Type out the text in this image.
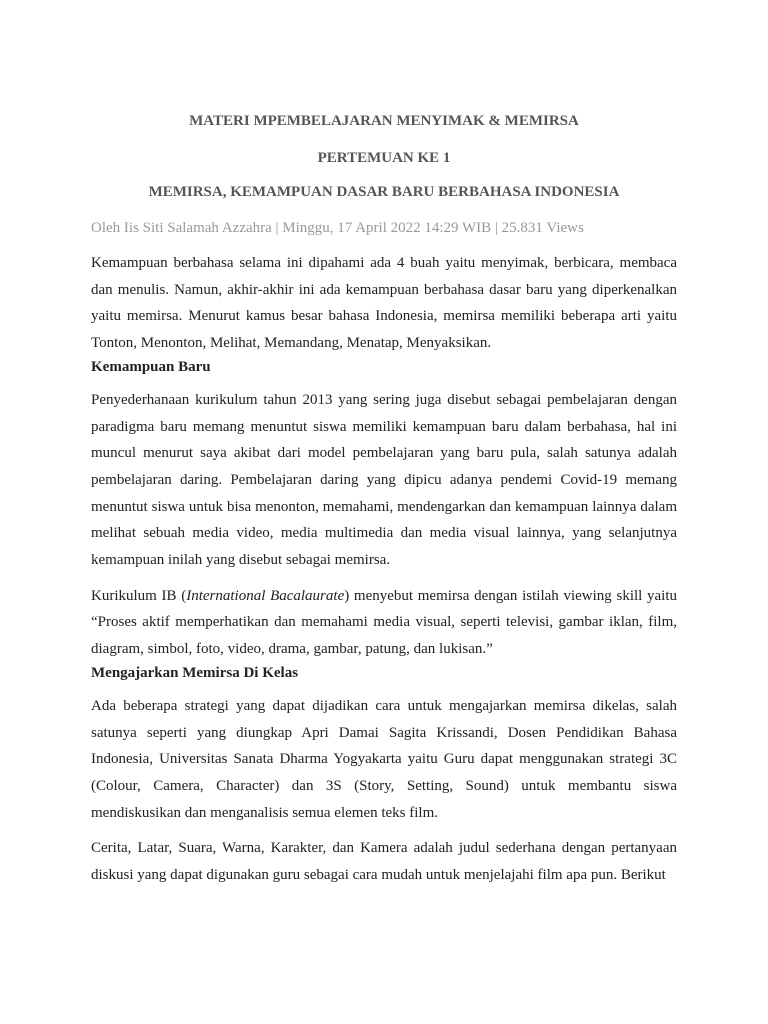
MATERI MPEMBELAJARAN MENYIMAK & MEMIRSA
PERTEMUAN KE 1
MEMIRSA, KEMAMPUAN DASAR BARU BERBAHASA INDONESIA
Oleh Iis Siti Salamah Azzahra | Minggu, 17 April 2022 14:29 WIB | 25.831 Views

Kemampuan berbahasa selama ini dipahami ada 4 buah yaitu menyimak, berbicara, membaca dan menulis. Namun, akhir-akhir ini ada kemampuan berbahasa dasar baru yang diperkenalkan yaitu memirsa. Menurut kamus besar bahasa Indonesia, memirsa memiliki beberapa arti yaitu Tonton, Menonton, Melihat, Memandang, Menatap, Menyaksikan.

Kemampuan Baru

Penyederhanaan kurikulum tahun 2013 yang sering juga disebut sebagai pembelajaran dengan paradigma baru memang menuntut siswa memiliki kemampuan baru dalam berbahasa, hal ini muncul menurut saya akibat dari model pembelajaran yang baru pula, salah satunya adalah pembelajaran daring. Pembelajaran daring yang dipicu adanya pendemi Covid-19 memang menuntut siswa untuk bisa menonton, memahami, mendengarkan dan kemampuan lainnya dalam melihat sebuah media video, media multimedia dan media visual lainnya, yang selanjutnya kemampuan inilah yang disebut sebagai memirsa.

Kurikulum IB (International Bacalaurate) menyebut memirsa dengan istilah viewing skill yaitu “Proses aktif memperhatikan dan memahami media visual, seperti televisi, gambar iklan, film, diagram, simbol, foto, video, drama, gambar, patung, dan lukisan.”

Mengajarkan Memirsa Di Kelas

Ada beberapa strategi yang dapat dijadikan cara untuk mengajarkan memirsa dikelas, salah satunya seperti yang diungkap Apri Damai Sagita Krissandi, Dosen Pendidikan Bahasa Indonesia, Universitas Sanata Dharma Yogyakarta yaitu Guru dapat menggunakan strategi 3C (Colour, Camera, Character) dan 3S (Story, Setting, Sound) untuk membantu siswa mendiskusikan dan menganalisis semua elemen teks film.

Cerita, Latar, Suara, Warna, Karakter, dan Kamera adalah judul sederhana dengan pertanyaan diskusi yang dapat digunakan guru sebagai cara mudah untuk menjelajahi film apa pun. Berikut
